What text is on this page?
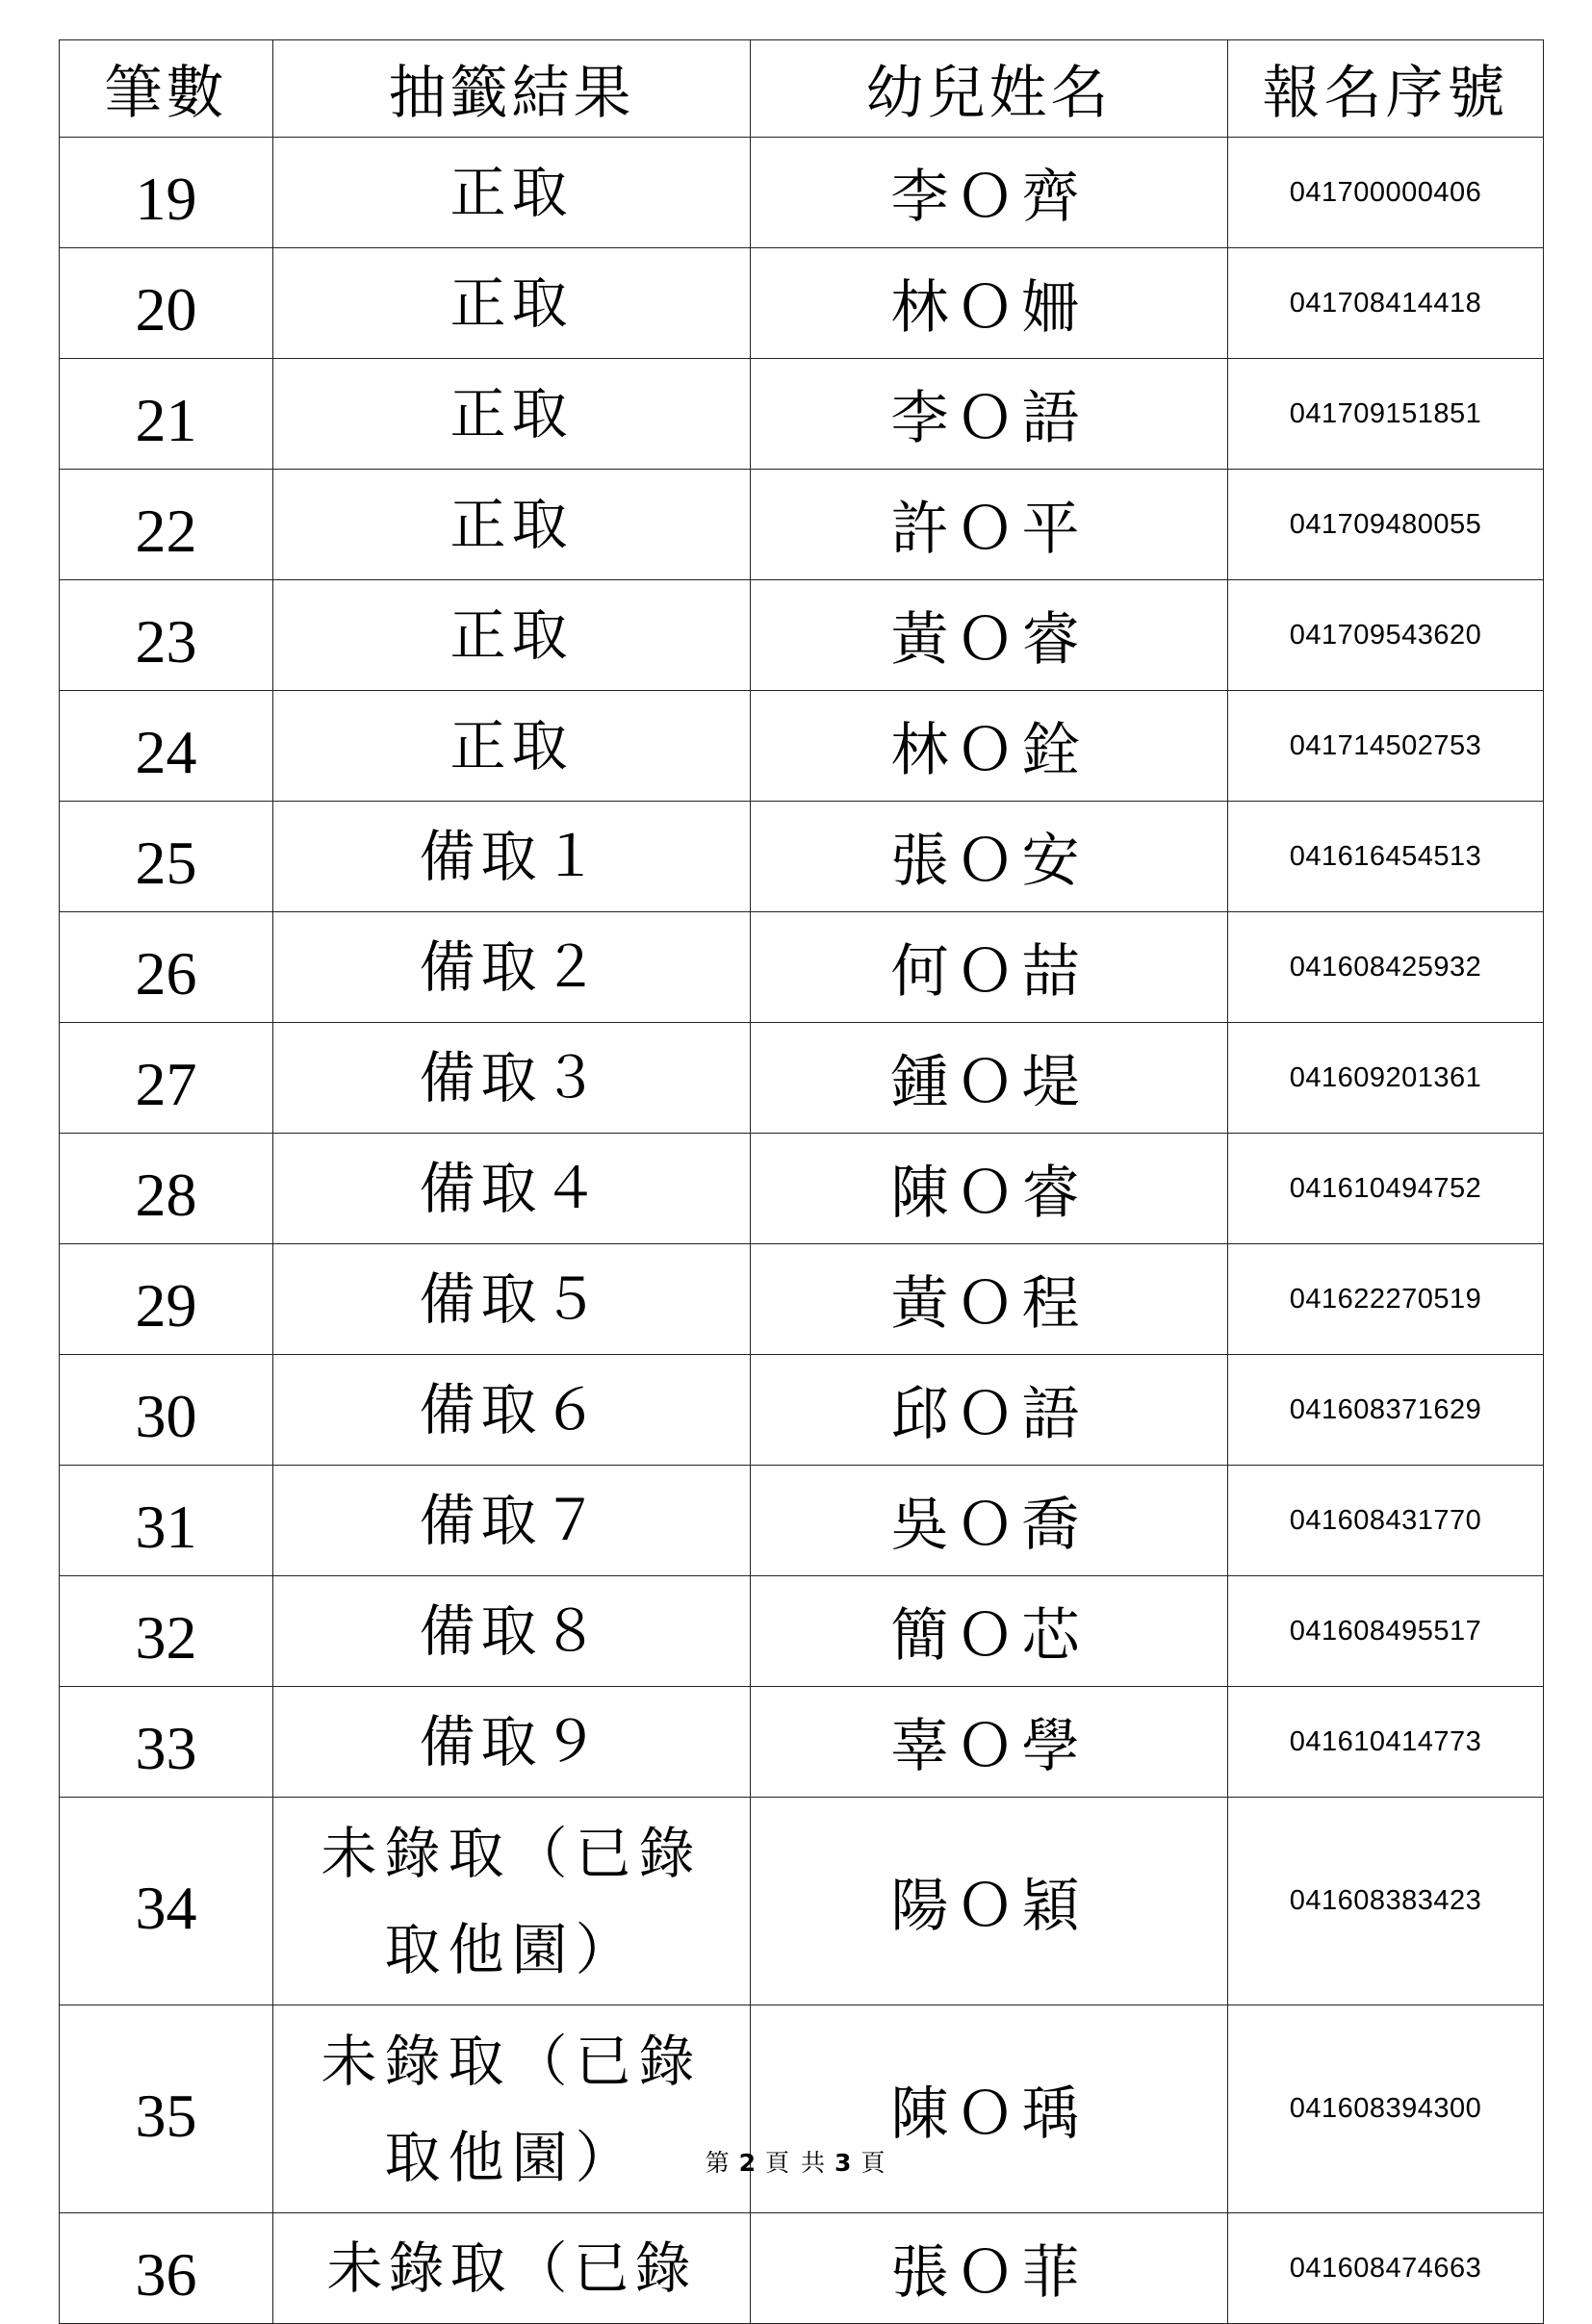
筆數	抽籤結果	幼兒姓名	報名序號
19	正取	李Ｏ齊	041700000406
20	正取	林Ｏ姍	041708414418
21	正取	李Ｏ語	041709151851
22	正取	許Ｏ平	041709480055
23	正取	黃Ｏ睿	041709543620
24	正取	林Ｏ銓	041714502753
25	備取１	張Ｏ安	041616454513
26	備取２	何Ｏ喆	041608425932
27	備取３	鍾Ｏ堤	041609201361
28	備取４	陳Ｏ睿	041610494752
29	備取５	黃Ｏ程	041622270519
30	備取６	邱Ｏ語	041608371629
31	備取７	吳Ｏ喬	041608431770
32	備取８	簡Ｏ芯	041608495517
33	備取９	辜Ｏ學	041610414773
34	未錄取（已錄取他園）	陽Ｏ穎	041608383423
35	未錄取（已錄取他園）	陳Ｏ瑀	041608394300
36	未錄取（已錄	張Ｏ菲	041608474663
第 2 頁 共 3 頁
